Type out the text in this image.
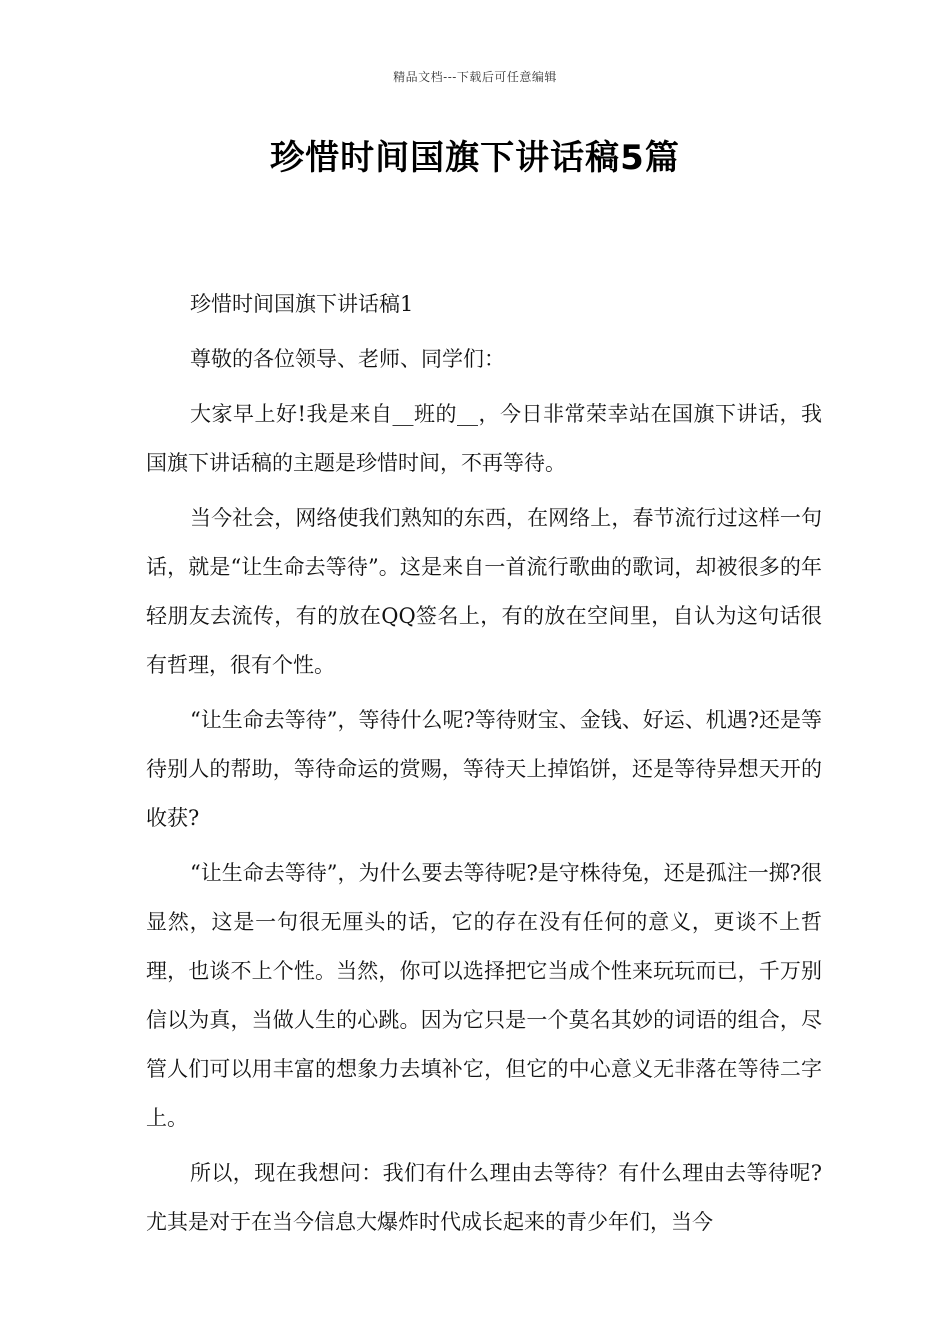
精品文档---下载后可任意编辑
珍惜时间国旗下讲话稿5篇

珍惜时间国旗下讲话稿1

尊敬的各位领导、老师、同学们：

大家早上好!我是来自__班的__，今日非常荣幸站在国旗下讲话，我国旗下讲话稿的主题是珍惜时间，不再等待。

当今社会，网络使我们熟知的东西，在网络上，春节流行过这样一句话，就是“让生命去等待”。这是来自一首流行歌曲的歌词，却被很多的年轻朋友去流传，有的放在QQ签名上，有的放在空间里，自认为这句话很有哲理，很有个性。

“让生命去等待”，等待什么呢?等待财宝、金钱、好运、机遇?还是等待别人的帮助，等待命运的赏赐，等待天上掉馅饼，还是等待异想天开的收获?

“让生命去等待”，为什么要去等待呢?是守株待兔，还是孤注一掷?很显然，这是一句很无厘头的话，它的存在没有任何的意义，更谈不上哲理，也谈不上个性。当然，你可以选择把它当成个性来玩玩而已，千万别信以为真，当做人生的心跳。因为它只是一个莫名其妙的词语的组合，尽管人们可以用丰富的想象力去填补它，但它的中心意义无非落在等待二字上。

所以，现在我想问：我们有什么理由去等待？有什么理由去等待呢?尤其是对于在当今信息大爆炸时代成长起来的青少年们，当今
